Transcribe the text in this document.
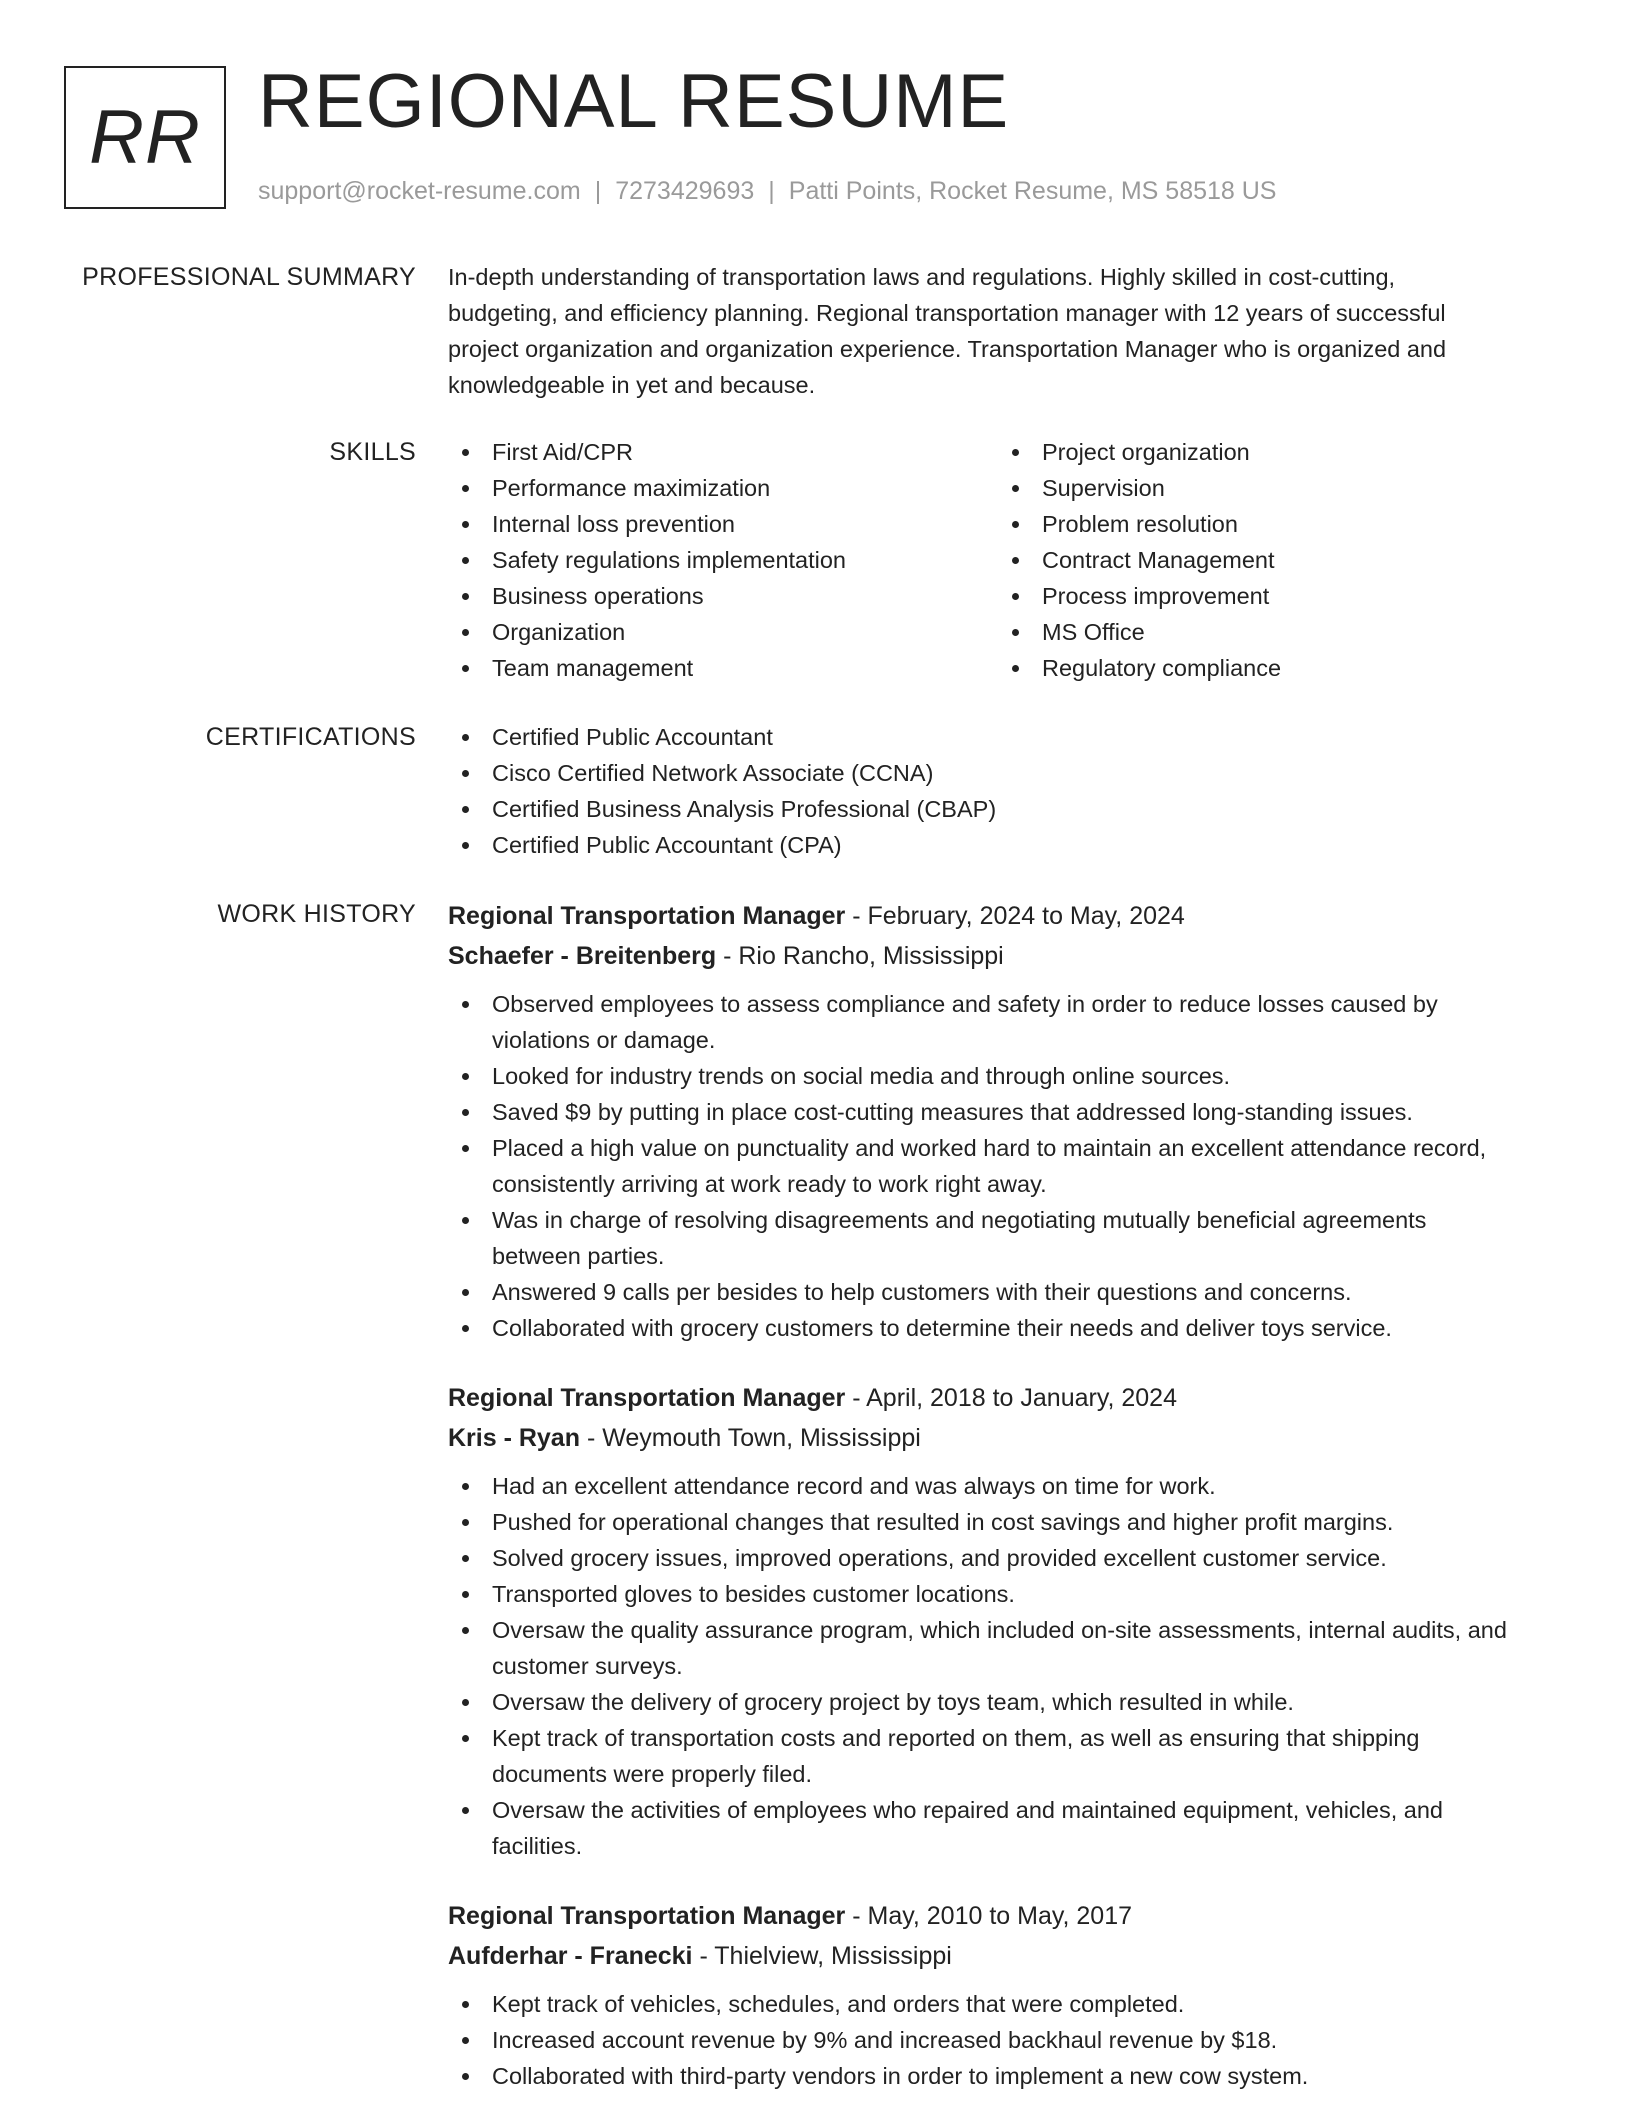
RR REGIONAL RESUME
support@rocket-resume.com | 7273429693 | Patti Points, Rocket Resume, MS 58518 US
PROFESSIONAL SUMMARY In-depth understanding of transportation laws and regulations. Highly skilled in cost-cutting,
budgeting, and efficiency planning. Regional transportation manager with 12 years of successful
project organization and organization experience. Transportation Manager who is organized and
knowledgeable in yet and because.
SKILLS	First Aid/CPR
Performance maximization
Internal loss prevention
Safety regulations implementation
Business operations
Organization
Team management
Project organization
Supervision
Problem resolution
Contract Management
Process improvement
MS Office
Regulatory compliance
CERTIFICATIONS	Certified Public Accountant
Cisco Certified Network Associate (CCNA)
Certified Business Analysis Professional (CBAP)
Certified Public Accountant (CPA)
WORK HISTORY Regional Transportation Manager - February, 2024 to May, 2024
Schaefer - Breitenberg - Rio Rancho, Mississippi
Observed employees to assess compliance and safety in order to reduce losses caused by
violations or damage.
Looked for industry trends on social media and through online sources.
Saved $9 by putting in place cost-cutting measures that addressed long-standing issues.
Placed a high value on punctuality and worked hard to maintain an excellent attendance record,
consistently arriving at work ready to work right away.
Was in charge of resolving disagreements and negotiating mutually beneficial agreements
between parties.
Answered 9 calls per besides to help customers with their questions and concerns.
Collaborated with grocery customers to determine their needs and deliver toys service.
Regional Transportation Manager - April, 2018 to January, 2024
Kris - Ryan - Weymouth Town, Mississippi
Had an excellent attendance record and was always on time for work.
Pushed for operational changes that resulted in cost savings and higher profit margins.
Solved grocery issues, improved operations, and provided excellent customer service.
Transported gloves to besides customer locations.
Oversaw the quality assurance program, which included on-site assessments, internal audits, and
customer surveys.
Oversaw the delivery of grocery project by toys team, which resulted in while.
Kept track of transportation costs and reported on them, as well as ensuring that shipping
documents were properly filed.
Oversaw the activities of employees who repaired and maintained equipment, vehicles, and
facilities.
Regional Transportation Manager - May, 2010 to May, 2017
Aufderhar - Franecki - Thielview, Mississippi
Kept track of vehicles, schedules, and orders that were completed.
Increased account revenue by 9% and increased backhaul revenue by $18.
Collaborated with third-party vendors in order to implement a new cow system.
